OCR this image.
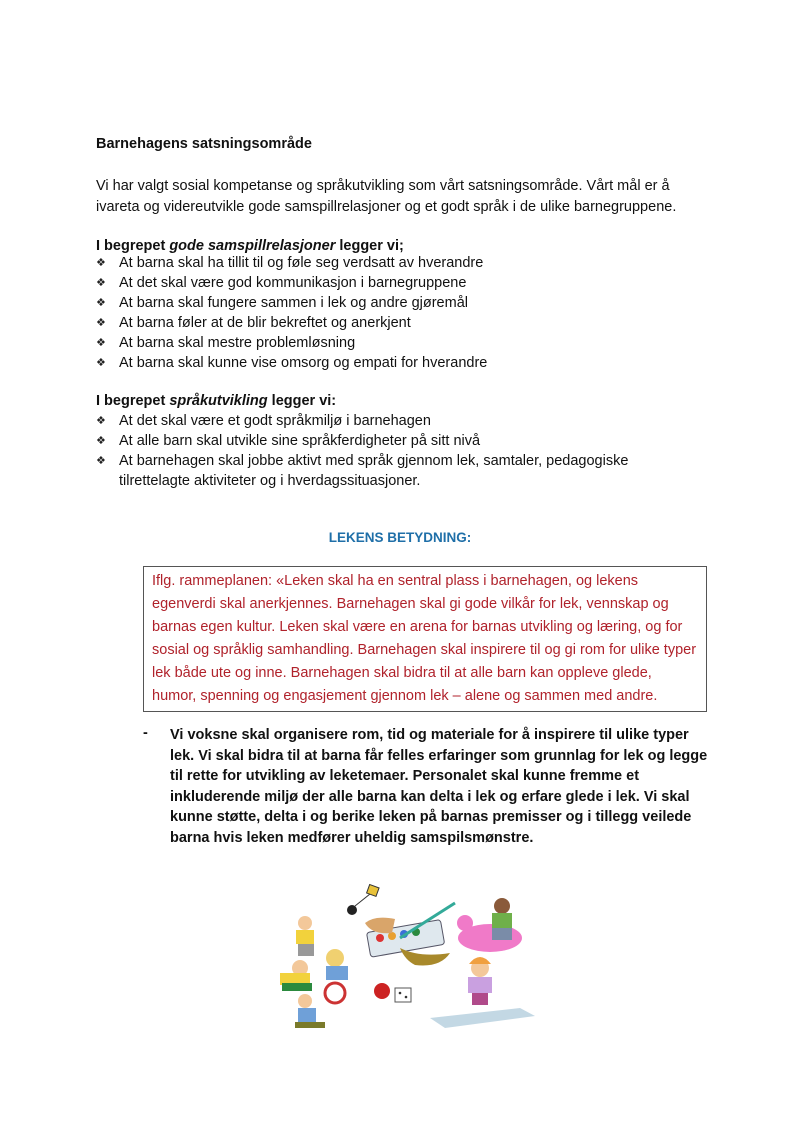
Barnehagens satsningsområde
Vi har valgt sosial kompetanse og språkutvikling som vårt satsningsområde. Vårt mål er å ivareta og videreutvikle gode samspillrelasjoner og et godt språk i de ulike barnegruppene.
I begrepet gode samspillrelasjoner legger vi;
❖ At barna skal ha tillit til og føle seg verdsatt av hverandre
❖ At det skal være god kommunikasjon i barnegruppene
❖ At barna skal fungere sammen i lek og andre gjøremål
❖ At barna føler at de blir bekreftet og anerkjent
❖ At barna skal mestre problemløsning
❖ At barna skal kunne vise omsorg og empati for hverandre
I begrepet språkutvikling legger vi:
❖ At det skal være et godt språkmiljø i barnehagen
❖ At alle barn skal utvikle sine språkferdigheter på sitt nivå
❖ At barnehagen skal jobbe aktivt med språk gjennom lek, samtaler, pedagogiske tilrettelagte aktiviteter og i hverdagssituasjoner.
LEKENS BETYDNING:
Iflg. rammeplanen: «Leken skal ha en sentral plass i barnehagen, og lekens egenverdi skal anerkjennes. Barnehagen skal gi gode vilkår for lek, vennskap og barnas egen kultur. Leken skal være en arena for barnas utvikling og læring, og for sosial og språklig samhandling. Barnehagen skal inspirere til og gi rom for ulike typer lek både ute og inne. Barnehagen skal bidra til at alle barn kan oppleve glede, humor, spenning og engasjement gjennom lek – alene og sammen med andre.
- Vi voksne skal organisere rom, tid og materiale for å inspirere til ulike typer lek. Vi skal bidra til at barna får felles erfaringer som grunnlag for lek og legge til rette for utvikling av leketemaer. Personalet skal kunne fremme et inkluderende miljø der alle barna kan delta i lek og erfare glede i lek. Vi skal kunne støtte, delta i og berike leken på barnas premisser og i tillegg veilede barna hvis leken medfører uheldig samspilsmønstre.
